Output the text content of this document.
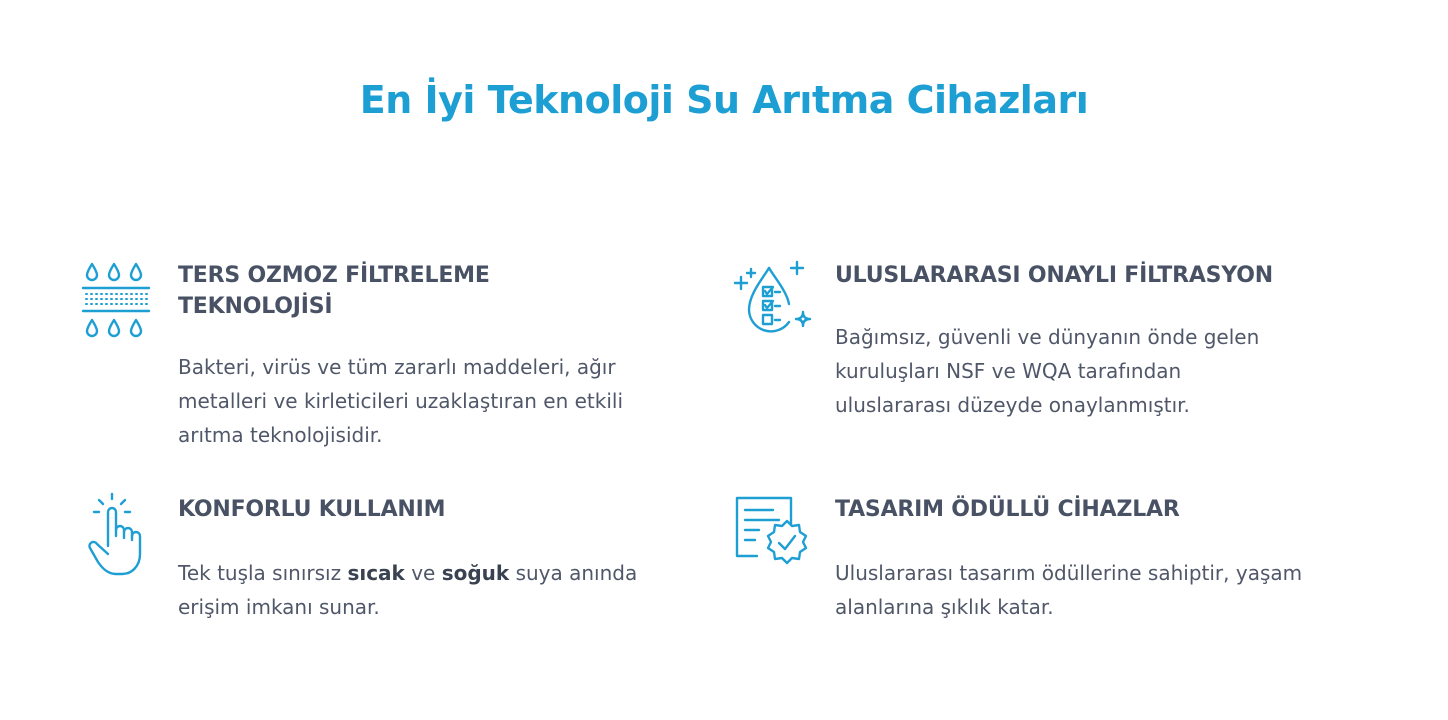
En İyi Teknoloji Su Arıtma Cihazları
TERS OZMOZ FİLTRELEME TEKNOLOJİSİ

Bakteri, virüs ve tüm zararlı maddeleri, ağır metalleri ve kirleticileri uzaklaştıran en etkili arıtma teknolojisidir.

ULUSLARARASI ONAYLI FİLTRASYON

Bağımsız, güvenli ve dünyanın önde gelen kuruluşları NSF ve WQA tarafından uluslararası düzeyde onaylanmıştır.

KONFORLU KULLANIM

Tek tuşla sınırsız sıcak ve soğuk suya anında erişim imkanı sunar.

TASARIM ÖDÜLLÜ CİHAZLAR

Uluslararası tasarım ödüllerine sahiptir, yaşam alanlarına şıklık katar.
